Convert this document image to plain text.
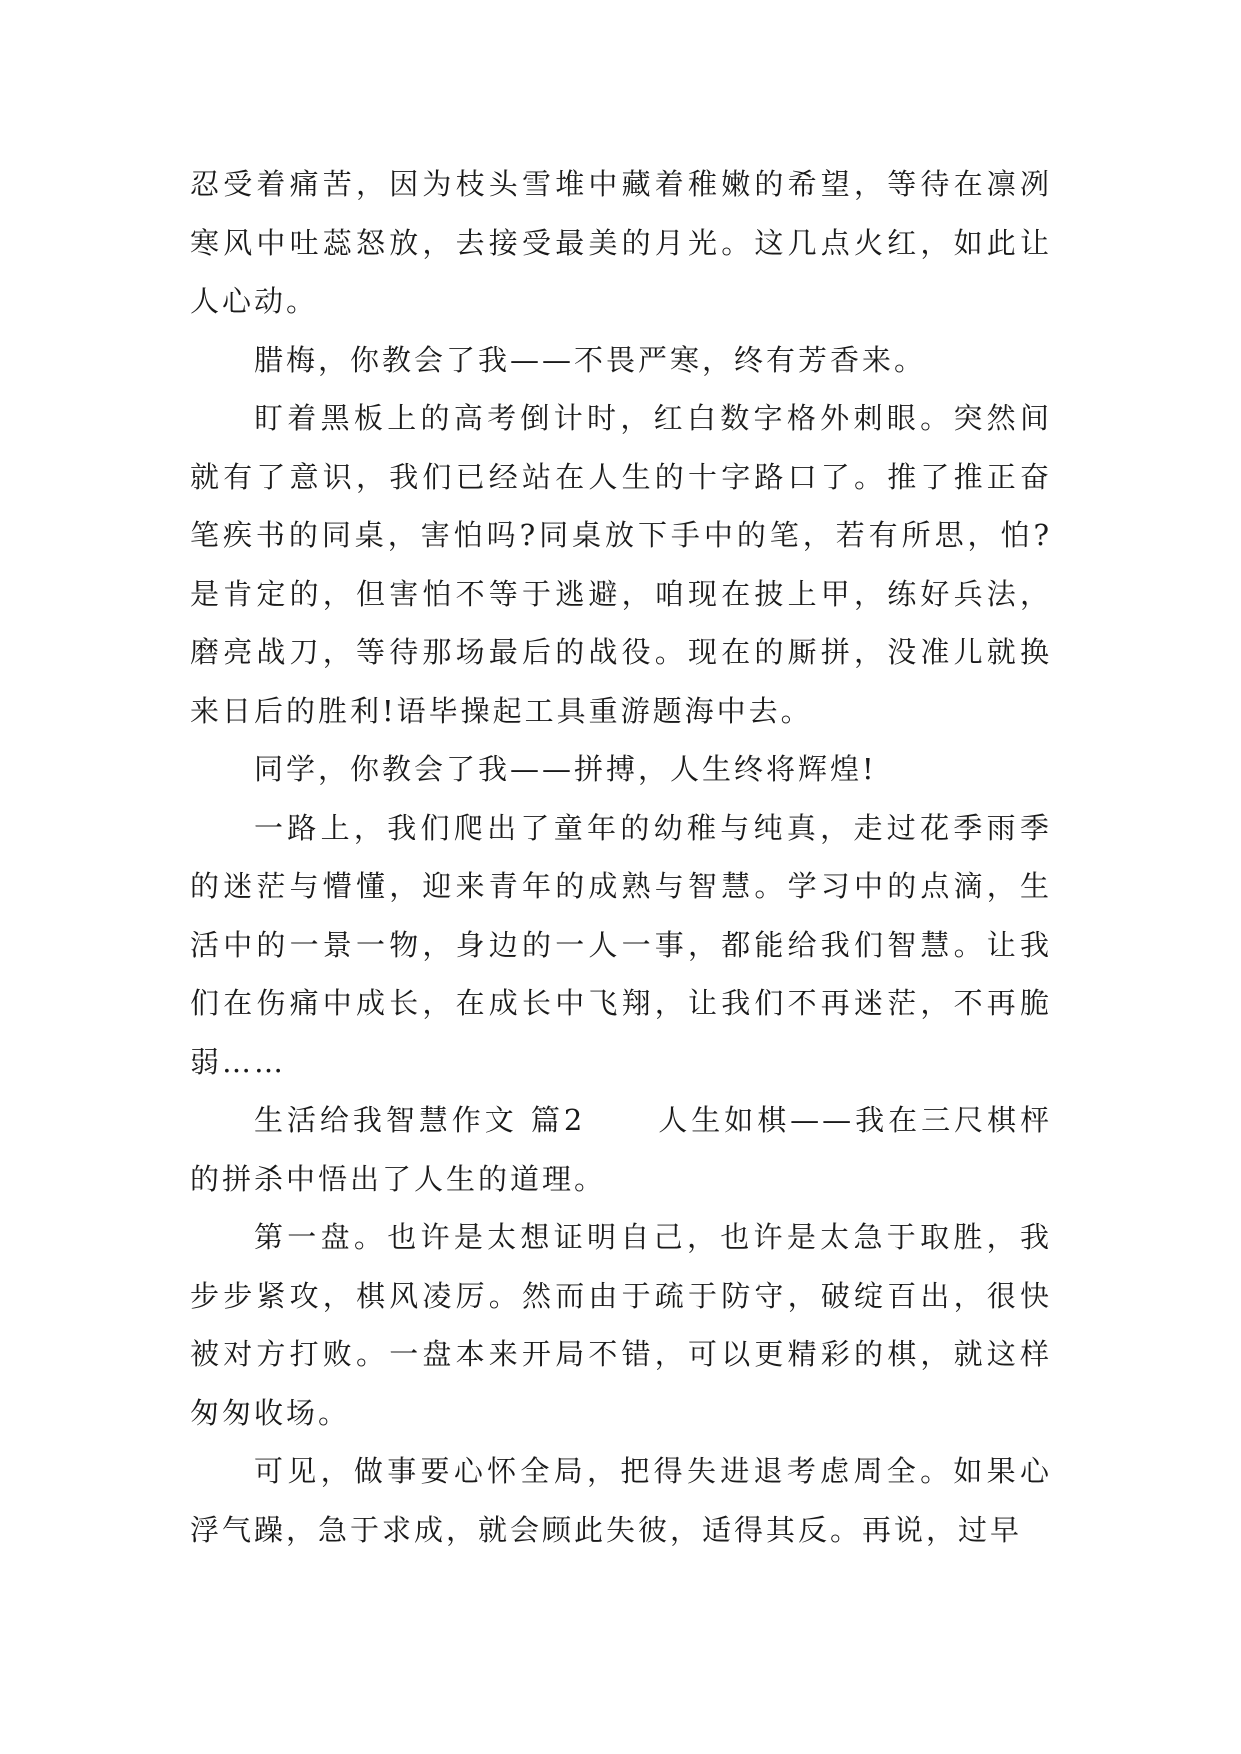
忍受着痛苦，因为枝头雪堆中藏着稚嫩的希望，等待在凛冽寒风中吐蕊怒放，去接受最美的月光。这几点火红，如此让人心动。

腊梅，你教会了我——不畏严寒，终有芳香来。

盯着黑板上的高考倒计时，红白数字格外刺眼。突然间就有了意识，我们已经站在人生的十字路口了。推了推正奋笔疾书的同桌，害怕吗?同桌放下手中的笔，若有所思，怕?是肯定的，但害怕不等于逃避，咱现在披上甲，练好兵法，磨亮战刀，等待那场最后的战役。现在的厮拼，没准儿就换来日后的胜利!语毕操起工具重游题海中去。

同学，你教会了我——拼搏，人生终将辉煌!

一路上，我们爬出了童年的幼稚与纯真，走过花季雨季的迷茫与懵懂，迎来青年的成熟与智慧。学习中的点滴，生活中的一景一物，身边的一人一事，都能给我们智慧。让我们在伤痛中成长，在成长中飞翔，让我们不再迷茫，不再脆弱……

生活给我智慧作文 篇2 人生如棋——我在三尺棋枰的拼杀中悟出了人生的道理。

第一盘。也许是太想证明自己，也许是太急于取胜，我步步紧攻，棋风凌厉。然而由于疏于防守，破绽百出，很快被对方打败。一盘本来开局不错，可以更精彩的棋，就这样匆匆收场。

可见，做事要心怀全局，把得失进退考虑周全。如果心浮气躁，急于求成，就会顾此失彼，适得其反。再说，过早
